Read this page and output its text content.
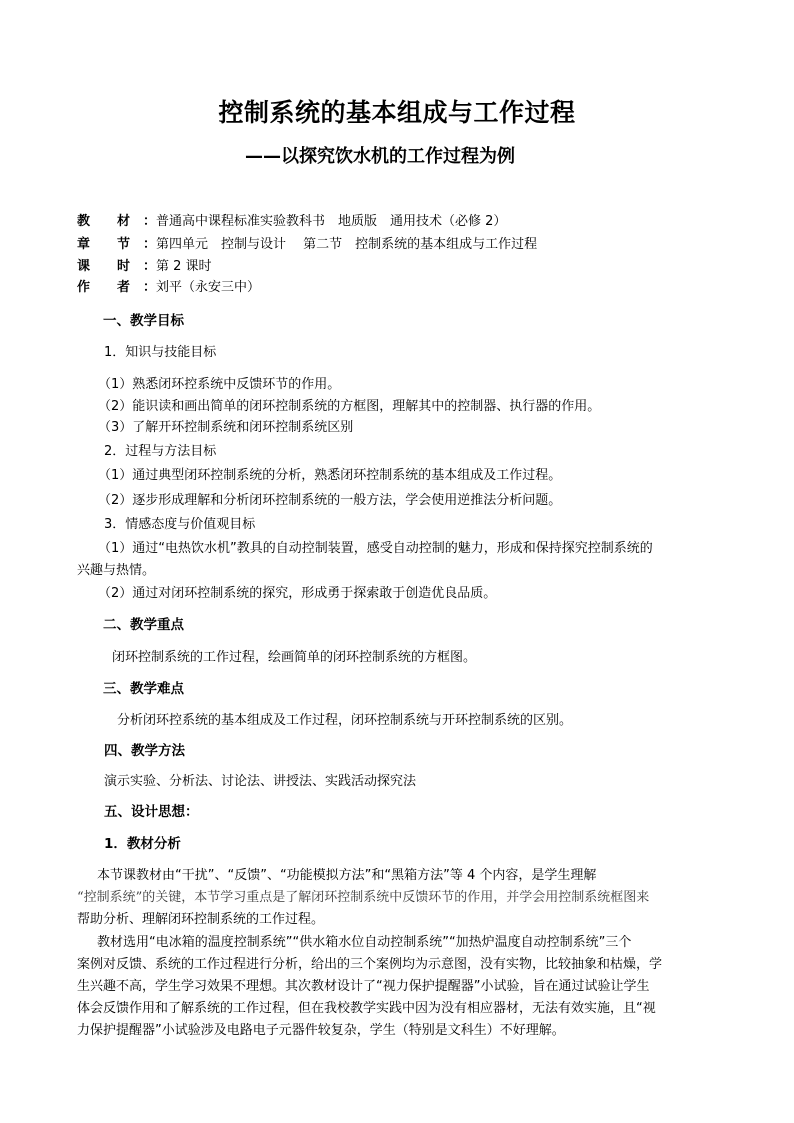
控制系统的基本组成与工作过程
——以探究饮水机的工作过程为例
教 材 ：普通高中课程标准实验教科书　地质版　通用技术（必修 2）
章 节 ：第四单元　控制与设计　 第二节　控制系统的基本组成与工作过程
课 时 ：第 2 课时
作 者 ：刘平（永安三中）
一、教学目标
1．知识与技能目标
（1）熟悉闭环控系统中反馈环节的作用。
（2）能识读和画出简单的闭环控制系统的方框图，理解其中的控制器、执行器的作用。
（3）了解开环控制系统和闭环控制系统区别
2．过程与方法目标
（1）通过典型闭环控制系统的分析，熟悉闭环控制系统的基本组成及工作过程。
（2）逐步形成理解和分析闭环控制系统的一般方法，学会使用逆推法分析问题。
3．情感态度与价值观目标
（1）通过“电热饮水机”教具的自动控制装置，感受自动控制的魅力，形成和保持探究控制系统的
兴趣与热情。
（2）通过对闭环控制系统的探究，形成勇于探索敢于创造优良品质。
二、教学重点
闭环控制系统的工作过程，绘画简单的闭环控制系统的方框图。
三、教学难点
分析闭环控系统的基本组成及工作过程，闭环控制系统与开环控制系统的区别。
四、教学方法
演示实验、分析法、讨论法、讲授法、实践活动探究法
五、设计思想：
1．教材分析
本节课教材由“干扰”、“反馈”、“功能模拟方法”和“黑箱方法”等 4 个内容，是学生理解
“控制系统”的关键，本节学习重点是了解闭环控制系统中反馈环节的作用，并学会用控制系统框图来
帮助分析、理解闭环控制系统的工作过程。
教材选用“电冰箱的温度控制系统”“供水箱水位自动控制系统”“加热炉温度自动控制系统”三个
案例对反馈、系统的工作过程进行分析，给出的三个案例均为示意图，没有实物，比较抽象和枯燥，学
生兴趣不高，学生学习效果不理想。其次教材设计了“视力保护提醒器”小试验，旨在通过试验让学生
体会反馈作用和了解系统的工作过程，但在我校教学实践中因为没有相应器材，无法有效实施，且“视
力保护提醒器”小试验涉及电路电子元器件较复杂，学生（特别是文科生）不好理解。
